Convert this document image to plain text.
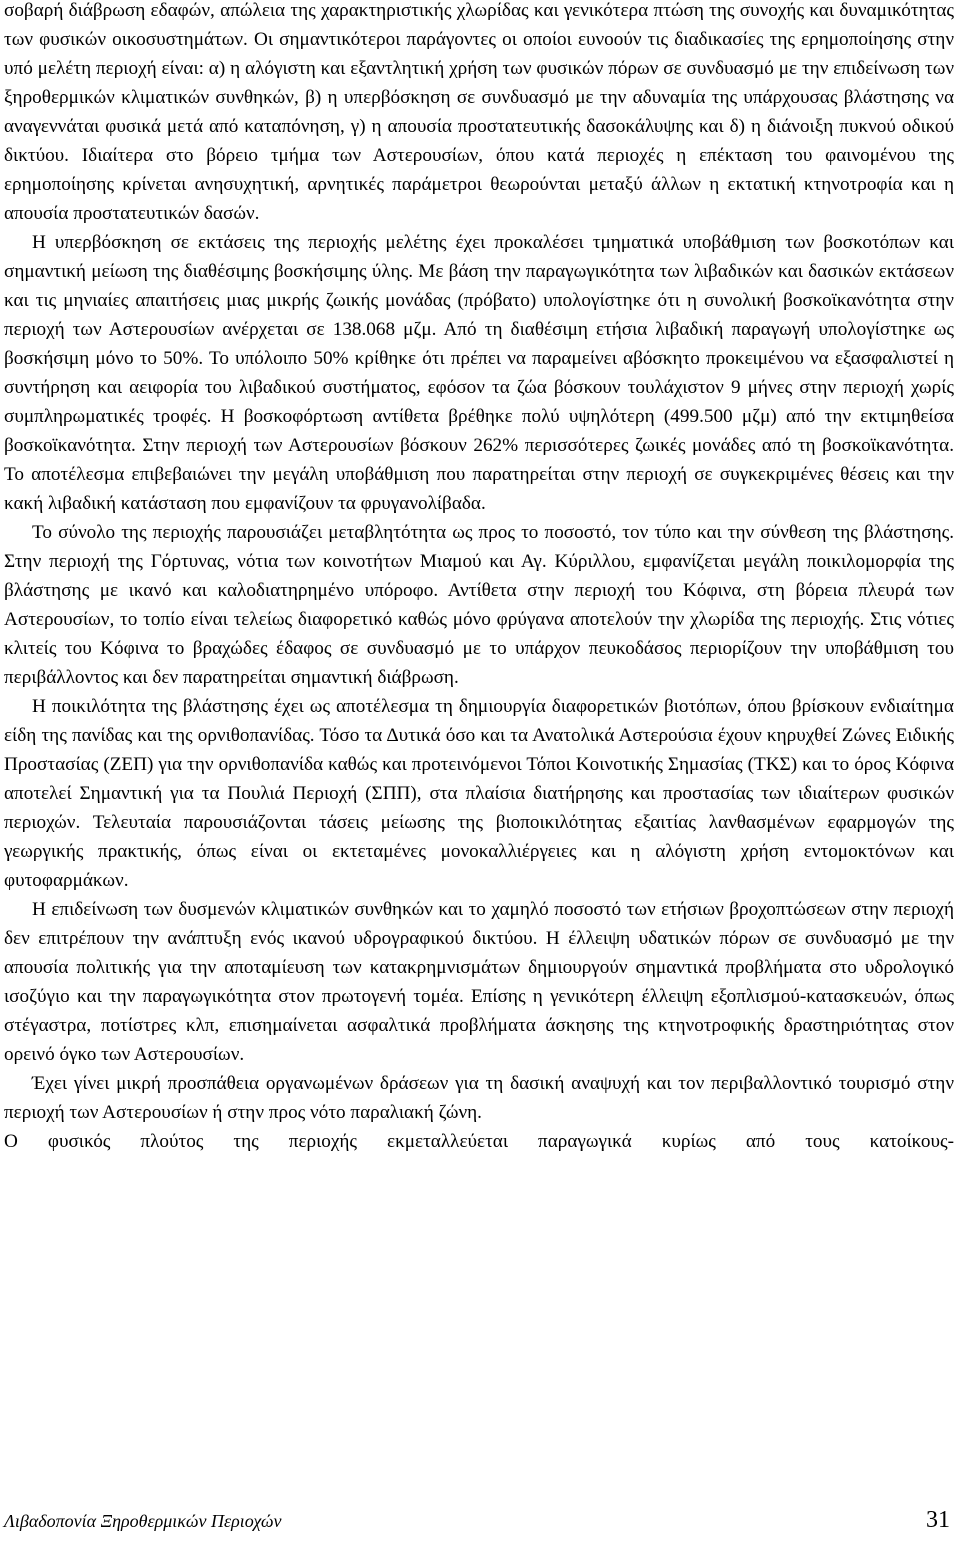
σοβαρή διάβρωση εδαφών, απώλεια της χαρακτηριστικής χλωρίδας και γενικότερα πτώση της συνοχής και δυναμικότητας των φυσικών οικοσυστημάτων. Οι σημαντικότεροι παράγοντες οι οποίοι ευνοούν τις διαδικασίες της ερημοποίησης στην υπό μελέτη περιοχή είναι: α) η αλόγιστη και εξαντλητική χρήση των φυσικών πόρων σε συνδυασμό με την επιδείνωση των ξηροθερμικών κλιματικών συνθηκών, β) η υπερβόσκηση σε συνδυασμό με την αδυναμία της υπάρχουσας βλάστησης να αναγεννάται φυσικά μετά από καταπόνηση, γ) η απουσία προστατευτικής δασοκάλυψης και δ) η διάνοιξη πυκνού οδικού δικτύου. Ιδιαίτερα στο βόρειο τμήμα των Αστερουσίων, όπου κατά περιοχές η επέκταση του φαινομένου της ερημοποίησης κρίνεται ανησυχητική, αρνητικές παράμετροι θεωρούνται μεταξύ άλλων η εκτατική κτηνοτροφία και η απουσία προστατευτικών δασών.

Η υπερβόσκηση σε εκτάσεις της περιοχής μελέτης έχει προκαλέσει τμηματικά υποβάθμιση των βοσκοτόπων και σημαντική μείωση της διαθέσιμης βοσκήσιμης ύλης. Με βάση την παραγωγικότητα των λιβαδικών και δασικών εκτάσεων και τις μηνιαίες απαιτήσεις μιας μικρής ζωικής μονάδας (πρόβατο) υπολογίστηκε ότι η συνολική βοσκοϊκανότητα στην περιοχή των Αστερουσίων ανέρχεται σε 138.068 μζμ. Από τη διαθέσιμη ετήσια λιβαδική παραγωγή υπολογίστηκε ως βοσκήσιμη μόνο το 50%. Το υπόλοιπο 50% κρίθηκε ότι πρέπει να παραμείνει αβόσκητο προκειμένου να εξασφαλιστεί η συντήρηση και αειφορία του λιβαδικού συστήματος, εφόσον τα ζώα βόσκουν τουλάχιστον 9 μήνες στην περιοχή χωρίς συμπληρωματικές τροφές. Η βοσκοφόρτωση αντίθετα βρέθηκε πολύ υψηλότερη (499.500 μζμ) από την εκτιμηθείσα βοσκοϊκανότητα. Στην περιοχή των Αστερουσίων βόσκουν 262% περισσότερες ζωικές μονάδες από τη βοσκοϊκανότητα. Το αποτέλεσμα επιβεβαιώνει την μεγάλη υποβάθμιση που παρατηρείται στην περιοχή σε συγκεκριμένες θέσεις και την κακή λιβαδική κατάσταση που εμφανίζουν τα φρυγανολίβαδα.

Το σύνολο της περιοχής παρουσιάζει μεταβλητότητα ως προς το ποσοστό, τον τύπο και την σύνθεση της βλάστησης. Στην περιοχή της Γόρτυνας, νότια των κοινοτήτων Μιαμού και Αγ. Κύριλλου, εμφανίζεται μεγάλη ποικιλομορφία της βλάστησης με ικανό και καλοδιατηρημένο υπόροφο. Αντίθετα στην περιοχή του Κόφινα, στη βόρεια πλευρά των Αστερουσίων, το τοπίο είναι τελείως διαφορετικό καθώς μόνο φρύγανα αποτελούν την χλωρίδα της περιοχής. Στις νότιες κλιτείς του Κόφινα το βραχώδες έδαφος σε συνδυασμό με το υπάρχον πευκοδάσος περιορίζουν την υποβάθμιση του περιβάλλοντος και δεν παρατηρείται σημαντική διάβρωση.

Η ποικιλότητα της βλάστησης έχει ως αποτέλεσμα τη δημιουργία διαφορετικών βιοτόπων, όπου βρίσκουν ενδιαίτημα είδη της πανίδας και της ορνιθοπανίδας. Τόσο τα Δυτικά όσο και τα Ανατολικά Αστερούσια έχουν κηρυχθεί Ζώνες Ειδικής Προστασίας (ΖΕΠ) για την ορνιθοπανίδα καθώς και προτεινόμενοι Τόποι Κοινοτικής Σημασίας (ΤΚΣ) και το όρος Κόφινα αποτελεί Σημαντική για τα Πουλιά Περιοχή (ΣΠΠ), στα πλαίσια διατήρησης και προστασίας των ιδιαίτερων φυσικών περιοχών. Τελευταία παρουσιάζονται τάσεις μείωσης της βιοποικιλότητας εξαιτίας λανθασμένων εφαρμογών της γεωργικής πρακτικής, όπως είναι οι εκτεταμένες μονοκαλλιέργειες και η αλόγιστη χρήση εντομοκτόνων και φυτοφαρμάκων.

Η επιδείνωση των δυσμενών κλιματικών συνθηκών και το χαμηλό ποσοστό των ετήσιων βροχοπτώσεων στην περιοχή δεν επιτρέπουν την ανάπτυξη ενός ικανού υδρογραφικού δικτύου. Η έλλειψη υδατικών πόρων σε συνδυασμό με την απουσία πολιτικής για την αποταμίευση των κατακρημνισμάτων δημιουργούν σημαντικά προβλήματα στο υδρολογικό ισοζύγιο και την παραγωγικότητα στον πρωτογενή τομέα. Επίσης η γενικότερη έλλειψη εξοπλισμού-κατασκευών, όπως στέγαστρα, ποτίστρες κλπ, επισημαίνεται ασφαλτικά προβλήματα άσκησης της κτηνοτροφικής δραστηριότητας στον ορεινό όγκο των Αστερουσίων.

Έχει γίνει μικρή προσπάθεια οργανωμένων δράσεων για τη δασική αναψυχή και τον περιβαλλοντικό τουρισμό στην περιοχή των Αστερουσίων ή στην προς νότο παραλιακή ζώνη.

Ο φυσικός πλούτος της περιοχής εκμεταλλεύεται παραγωγικά κυρίως από τους κατοίκους-

Λιβαδοπονία Ξηροθερμικών Περιοχών	31
